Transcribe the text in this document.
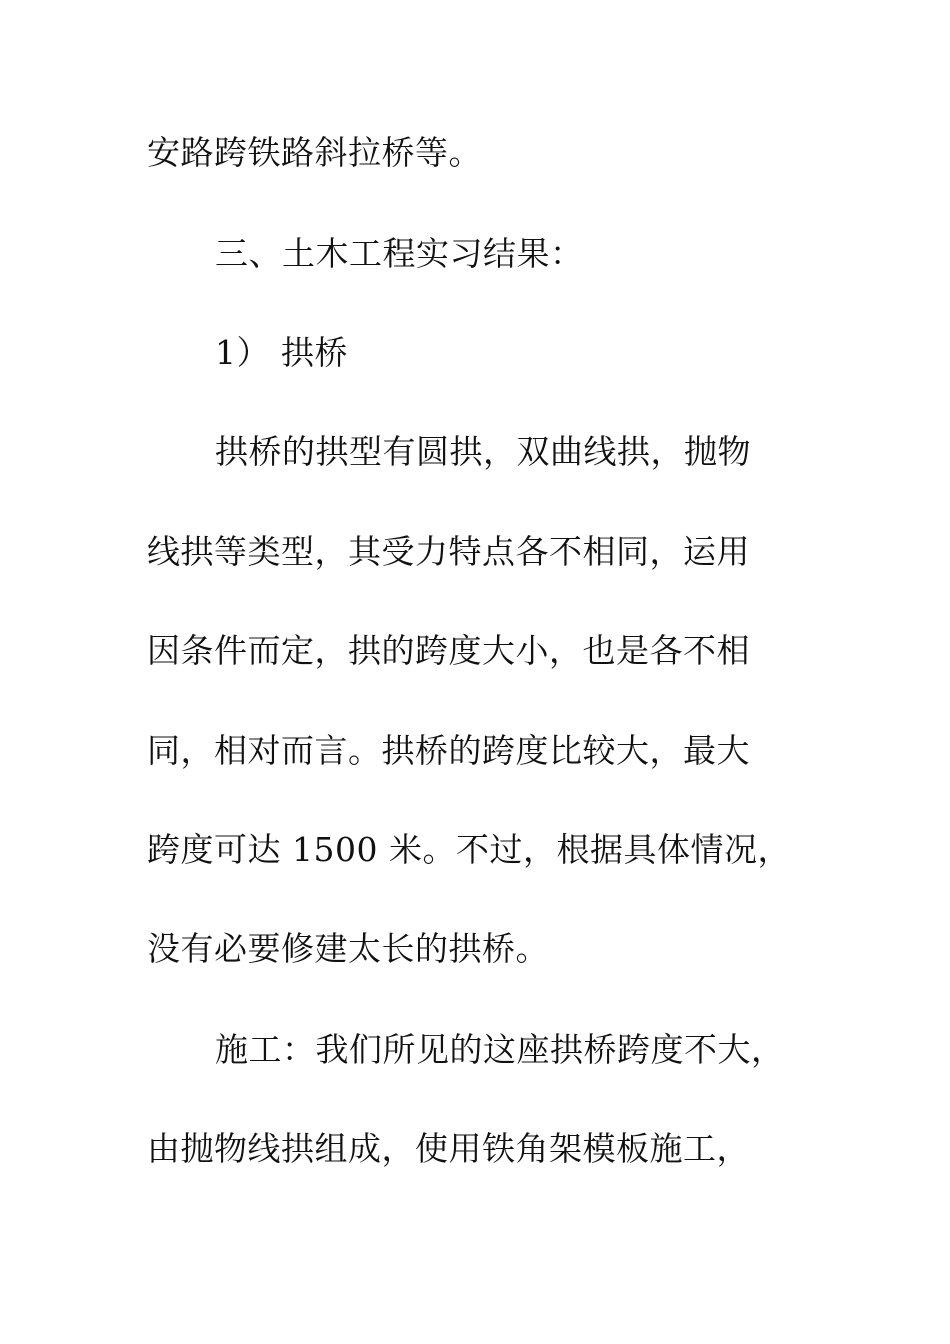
安路跨铁路斜拉桥等。

三、土木工程实习结果：

1） 拱桥

拱桥的拱型有圆拱，双曲线拱，抛物

线拱等类型，其受力特点各不相同，运用

因条件而定，拱的跨度大小，也是各不相

同，相对而言。拱桥的跨度比较大，最大

跨度可达 1500 米。不过，根据具体情况，

没有必要修建太长的拱桥。

施工：我们所见的这座拱桥跨度不大，

由抛物线拱组成，使用铁角架模板施工，
